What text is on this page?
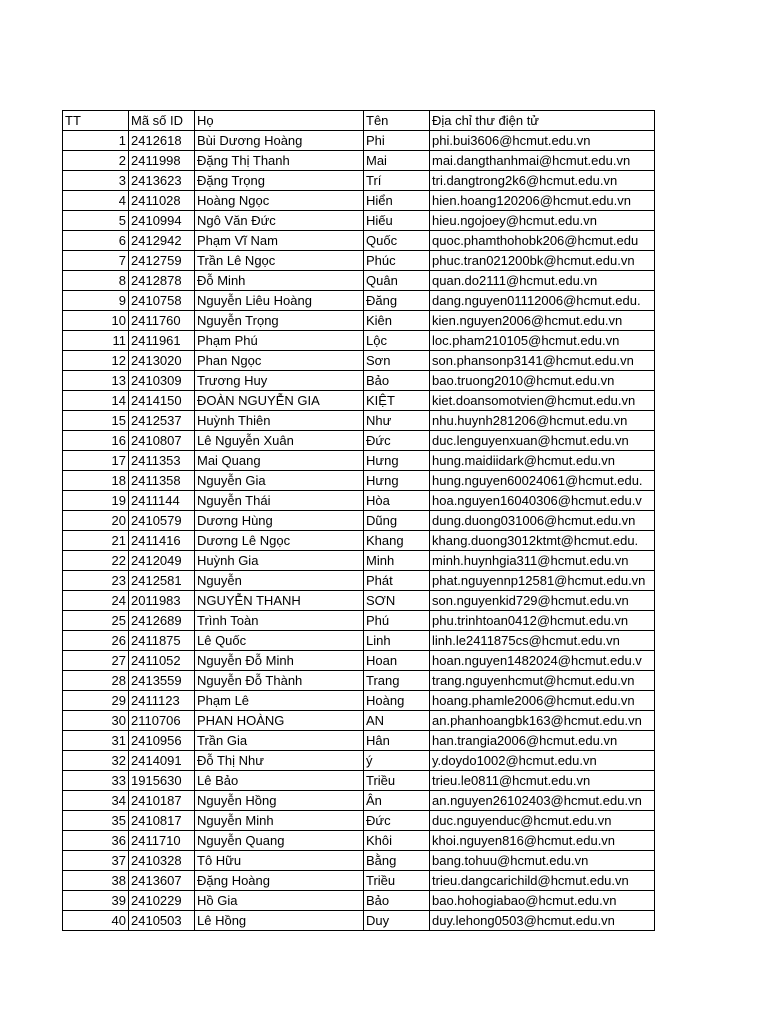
TT	Mã số ID	Họ	Tên	Địa chỉ thư điện tử
1	2412618	Bùi Dương Hoàng	Phi	phi.bui3606@hcmut.edu.vn
2	2411998	Đặng Thị Thanh	Mai	mai.dangthanhmai@hcmut.edu.vn
3	2413623	Đặng Trọng	Trí	tri.dangtrong2k6@hcmut.edu.vn
4	2411028	Hoàng Ngọc	Hiển	hien.hoang120206@hcmut.edu.vn
5	2410994	Ngô Văn Đức	Hiếu	hieu.ngojoey@hcmut.edu.vn
6	2412942	Phạm Vĩ Nam	Quốc	quoc.phamthohobk206@hcmut.edu
7	2412759	Trần Lê Ngọc	Phúc	phuc.tran021200bk@hcmut.edu.vn
8	2412878	Đỗ Minh	Quân	quan.do2111@hcmut.edu.vn
9	2410758	Nguyễn Liêu Hoàng	Đăng	dang.nguyen01112006@hcmut.edu.
10	2411760	Nguyễn Trọng	Kiên	kien.nguyen2006@hcmut.edu.vn
11	2411961	Phạm Phú	Lộc	loc.pham210105@hcmut.edu.vn
12	2413020	Phan Ngọc	Sơn	son.phansonp3141@hcmut.edu.vn
13	2410309	Trương Huy	Bảo	bao.truong2010@hcmut.edu.vn
14	2414150	ĐOÀN NGUYỄN GIA	KIỆT	kiet.doansomotvien@hcmut.edu.vn
15	2412537	Huỳnh Thiên	Như	nhu.huynh281206@hcmut.edu.vn
16	2410807	Lê Nguyễn Xuân	Đức	duc.lenguyenxuan@hcmut.edu.vn
17	2411353	Mai Quang	Hưng	hung.maidiidark@hcmut.edu.vn
18	2411358	Nguyễn Gia	Hưng	hung.nguyen60024061@hcmut.edu.
19	2411144	Nguyễn Thái	Hòa	hoa.nguyen16040306@hcmut.edu.v
20	2410579	Dương Hùng	Dũng	dung.duong031006@hcmut.edu.vn
21	2411416	Dương Lê Ngọc	Khang	khang.duong3012ktmt@hcmut.edu.
22	2412049	Huỳnh Gia	Minh	minh.huynhgia311@hcmut.edu.vn
23	2412581	Nguyễn	Phát	phat.nguyennp12581@hcmut.edu.vn
24	2011983	NGUYỄN THANH	SƠN	son.nguyenkid729@hcmut.edu.vn
25	2412689	Trình Toàn	Phú	phu.trinhtoan0412@hcmut.edu.vn
26	2411875	Lê Quốc	Linh	linh.le2411875cs@hcmut.edu.vn
27	2411052	Nguyễn Đỗ Minh	Hoan	hoan.nguyen1482024@hcmut.edu.v
28	2413559	Nguyễn Đỗ Thành	Trang	trang.nguyenhcmut@hcmut.edu.vn
29	2411123	Phạm Lê	Hoàng	hoang.phamle2006@hcmut.edu.vn
30	2110706	PHAN HOÀNG	AN	an.phanhoangbk163@hcmut.edu.vn
31	2410956	Trần Gia	Hân	han.trangia2006@hcmut.edu.vn
32	2414091	Đỗ Thị Như	ý	y.doydo1002@hcmut.edu.vn
33	1915630	Lê Bảo	Triều	trieu.le0811@hcmut.edu.vn
34	2410187	Nguyễn Hồng	Ân	an.nguyen26102403@hcmut.edu.vn
35	2410817	Nguyễn Minh	Đức	duc.nguyenduc@hcmut.edu.vn
36	2411710	Nguyễn Quang	Khôi	khoi.nguyen816@hcmut.edu.vn
37	2410328	Tô Hữu	Bằng	bang.tohuu@hcmut.edu.vn
38	2413607	Đặng Hoàng	Triều	trieu.dangcarichild@hcmut.edu.vn
39	2410229	Hồ Gia	Bảo	bao.hohogiabao@hcmut.edu.vn
40	2410503	Lê Hồng	Duy	duy.lehong0503@hcmut.edu.vn
